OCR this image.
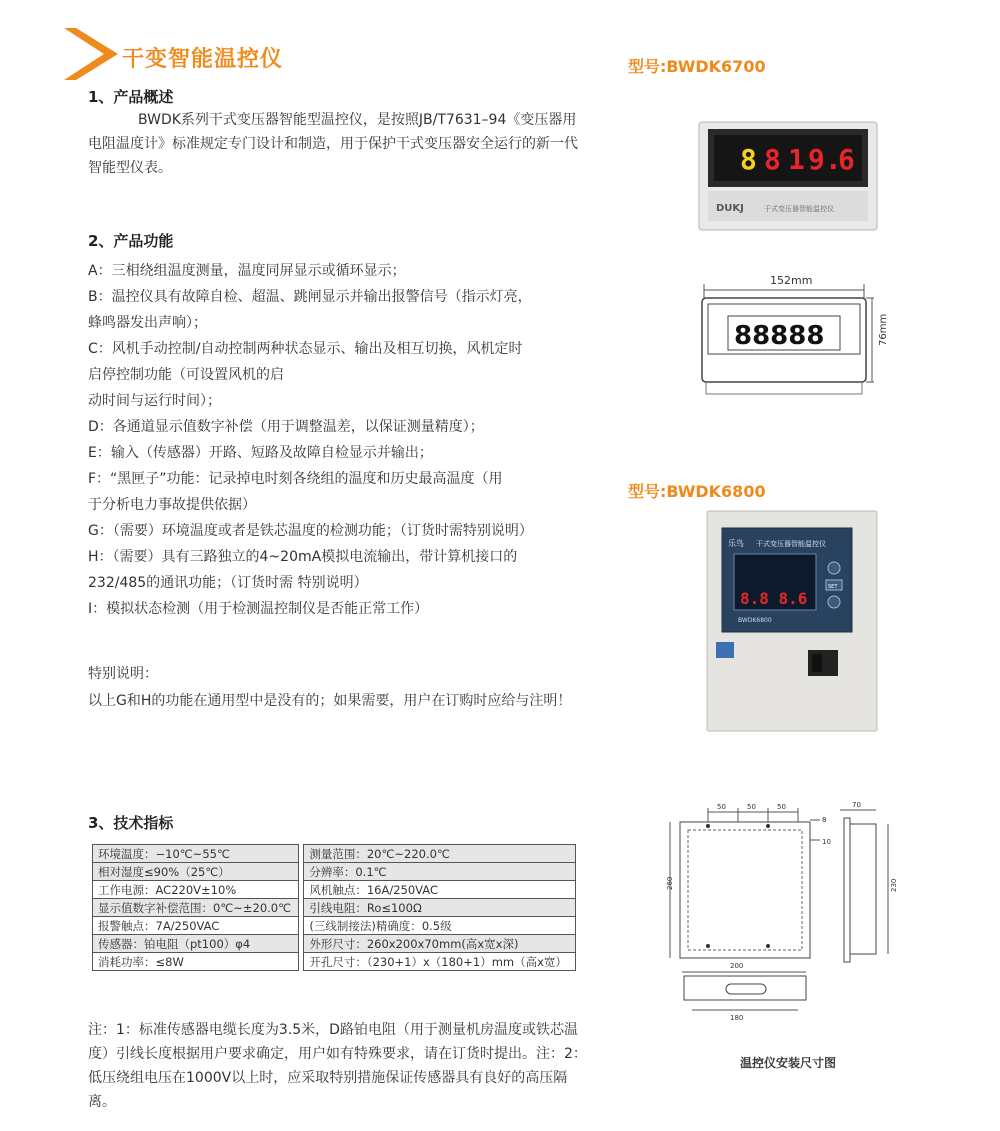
干变智能温控仪
1、产品概述
BWDK系列干式变压器智能型温控仪，是按照JB/T7631–94《变压器用电阻温度计》标准规定专门设计和制造，用于保护干式变压器安全运行的新一代智能型仪表。
2、产品功能
A：三相绕组温度测量，温度同屏显示或循环显示；
B：温控仪具有故障自检、超温、跳闸显示并输出报警信号（指示灯亮，
蜂鸣器发出声响）；
C：风机手动控制/自动控制两种状态显示、输出及相互切换，风机定时
启停控制功能（可设置风机的启
动时间与运行时间）；
D：各通道显示值数字补偿（用于调整温差，以保证测量精度）；
E：输入（传感器）开路、短路及故障自检显示并输出；
F：“黑匣子”功能：记录掉电时刻各绕组的温度和历史最高温度（用
于分析电力事故提供依据）
G：（需要）环境温度或者是铁芯温度的检测功能；（订货时需特别说明）
H：（需要）具有三路独立的4~20mA模拟电流输出，带计算机接口的
232/485的通讯功能；（订货时需 特别说明）
I：模拟状态检测（用于检测温控制仪是否能正常工作）
特别说明：
以上G和H的功能在通用型中是没有的；如果需要，用户在订购时应给与注明！
3、技术指标
环境温度：−10℃~55℃		测量范围：20℃~220.0℃
相对湿度≤90%（25℃）		分辨率：0.1℃
工作电源：AC220V±10%		风机触点：16A/250VAC
显示值数字补偿范围：0℃~±20.0℃		引线电阻：Ro≤100Ω
报警触点：7A/250VAC		(三线制接法)精确度：0.5级
传感器：铂电阻（pt100）φ4		外形尺寸：260x200x70mm(高x宽x深)
消耗功率：≤8W		开孔尺寸：（230+1）x（180+1）mm（高x宽）
注：1：标准传感器电缆长度为3.5米，D路铂电阻（用于测量机房温度或铁芯温度）引线长度根据用户要求确定，用户如有特殊要求，请在订货时提出。注：2：低压绕组电压在1000V以上时，应采取特别措施保证传感器具有良好的高压隔离。
型号:BWDK6700
8 8 1 9.
6
DUKJ	干式变压器智能温控仪
152mm
88888	76mm
型号:BWDK6800
乐鸟 干式变压器智能温控仪
8.8 8.6
BWDK6800
SET
50	50	50
260
8
10
70
230
200
180
温控仪安装尺寸图
